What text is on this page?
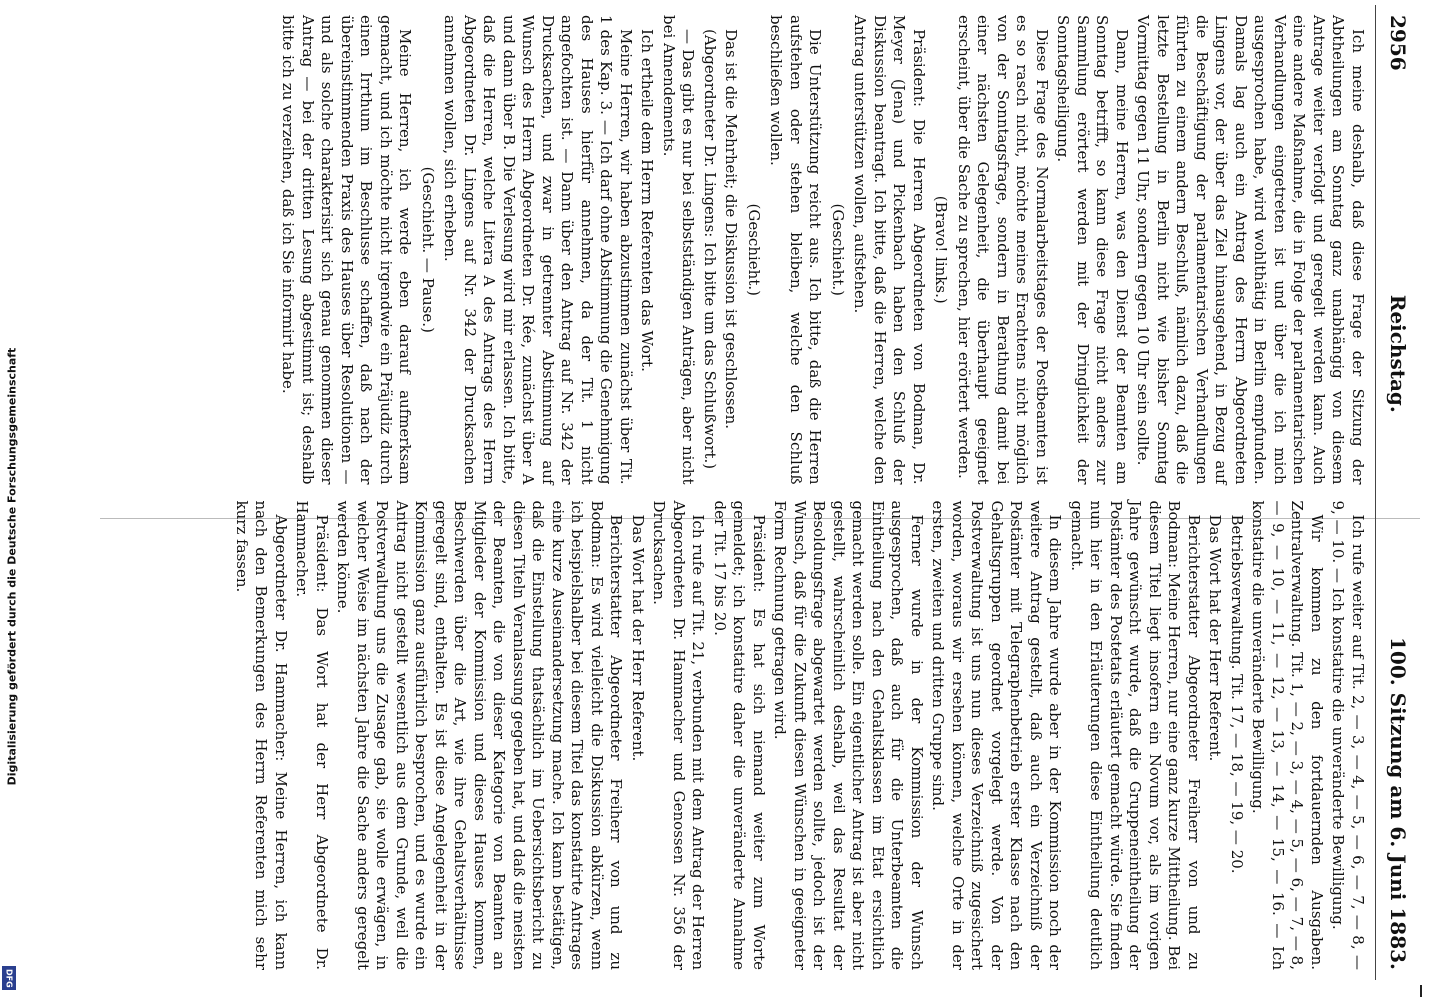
Digitalisierung gefördert durch die Deutsche Forschungsgemeinschaft
DFG
2956
Reichstag.
100. Sitzung am 6. Juni 1883.

Ich meine deshalb, daß diese Frage der Sitzung der Abtheilungen am Sonntag ganz unabhängig von diesem Antrage weiter verfolgt und geregelt werden kann. Auch eine andere Maßnahme, die in Folge der parlamentarischen Verhandlungen eingetreten ist und über die ich mich ausgesprochen habe, wird wohlthätig in Berlin empfunden. Damals lag auch ein Antrag des Herrn Abgeordneten Lingens vor, der über das Ziel hinausgehend, in Bezug auf die Beschäftigung der parlamentarischen Verhandlungen führten zu einem andern Beschluß, nämlich dazu, daß die letzte Bestellung in Berlin nicht wie bisher Sonntag Vormittag gegen 11 Uhr, sondern gegen 10 Uhr sein sollte.

Dann, meine Herren, was den Dienst der Beamten am Sonntag betrifft, so kann diese Frage nicht anders zur Sammlung erörtert werden mit der Dringlichkeit der Sonntagsheiligung.

Diese Frage des Normalarbeitstages der Postbeamten ist es so rasch nicht, möchte meines Erachtens nicht möglich von der Sonntagsfrage, sondern in Berathung damit bei einer nächsten Gelegenheit, die überhaupt geeignet erscheint, über die Sache zu sprechen, hier erörtert werden.

(Bravo! links.)

Präsident: Die Herren Abgeordneten von Bodman, Dr. Meyer (Jena) und Pickenbach haben den Schluß der Diskussion beantragt. Ich bitte, daß die Herren, welche den Antrag unterstützen wollen, aufstehen.

(Geschieht.)

Die Unterstützung reicht aus. Ich bitte, daß die Herren aufstehen oder stehen bleiben, welche den Schluß beschließen wollen.

(Geschieht.)

Das ist die Mehrheit; die Diskussion ist geschlossen.

(Abgeordneter Dr. Lingens: Ich bitte um das Schlußwort.)

— Das gibt es nur bei selbstständigen Anträgen, aber nicht bei Amendements.

Ich ertheile dem Herrn Referenten das Wort.

Meine Herren, wir haben abzustimmen zunächst über Tit. 1 des Kap. 3. — Ich darf ohne Abstimmung die Genehmigung des Hauses hierfür annehmen, da der Tit. 1 nicht angefochten ist. — Dann über den Antrag auf Nr. 342 der Drucksachen, und zwar in getrennter Abstimmung auf Wunsch des Herrn Abgeordneten Dr. Rée, zunächst über A und dann über B. Die Verlesung wird mir erlassen. Ich bitte, daß die Herren, welche Litera A des Antrags des Herrn Abgeordneten Dr. Lingens auf Nr. 342 der Drucksachen annehmen wollen, sich erheben.

(Geschieht. — Pause.)

Meine Herren, ich werde eben darauf aufmerksam gemacht, und ich möchte nicht irgendwie ein Präjudiz durch einen Irrthum im Beschlusse schaffen, daß nach der übereinstimmenden Praxis des Hauses über Resolutionen — und als solche charakterisirt sich genau genommen dieser Antrag — bei der dritten Lesung abgestimmt ist; deshalb bitte ich zu verzeihen, daß ich Sie informirt habe.

Ich rufe weiter auf Tit. 2, — 3, — 4, — 5, — 6, — 7, — 8, — 9, — 10. — Ich konstatire die unveränderte Bewilligung.

Wir kommen zu den fortdauernden Ausgaben. Zentralverwaltung. Tit. 1, — 2, — 3, — 4, — 5, — 6, — 7, — 8, — 9, — 10, — 11, — 12, — 13, — 14, — 15, — 16. — Ich konstatire die unveränderte Bewilligung.

Betriebsverwaltung. Tit. 17, — 18, — 19, — 20.

Das Wort hat der Herr Referent.

Berichterstatter Abgeordneter Freiherr von und zu Bodman: Meine Herren, nur eine ganz kurze Mittheilung. Bei diesem Titel liegt insofern ein Novum vor, als im vorigen Jahre gewünscht wurde, daß die Gruppeneintheilung der Postämter des Postetats erläutert gemacht würde. Sie finden nun hier in den Erläuterungen diese Eintheilung deutlich gemacht.

In diesem Jahre wurde aber in der Kommission noch der weitere Antrag gestellt, daß auch ein Verzeichniß der Postämter mit Telegraphenbetrieb erster Klasse nach den Gehaltsgruppen geordnet vorgelegt werde. Von der Postverwaltung ist uns nun dieses Verzeichniß zugesichert worden, woraus wir ersehen können, welche Orte in der ersten, zweiten und dritten Gruppe sind.

Ferner wurde in der Kommission der Wunsch ausgesprochen, daß auch für die Unterbeamten die Eintheilung nach den Gehaltsklassen im Etat ersichtlich gemacht werden solle. Ein eigentlicher Antrag ist aber nicht gestellt, wahrscheinlich deshalb, weil das Resultat der Besoldungsfrage abgewartet werden sollte, jedoch ist der Wunsch, daß für die Zukunft diesen Wünschen in geeigneter Form Rechnung getragen wird.

Präsident: Es hat sich niemand weiter zum Worte gemeldet; ich konstatire daher die unveränderte Annahme der Tit. 17 bis 20.

Ich rufe auf Tit. 21, verbunden mit dem Antrag der Herren Abgeordneten Dr. Hammacher und Genossen Nr. 356 der Drucksachen.

Das Wort hat der Herr Referent.

Berichterstatter Abgeordneter Freiherr von und zu Bodman: Es wird vielleicht die Diskussion abkürzen, wenn ich beispielshalber bei diesem Titel das konstatirte Antrages eine kurze Auseinandersetzung mache. Ich kann bestätigen, daß die Einstellung thatsächlich im Uebersichtsbericht zu diesen Titeln Veranlassung gegeben hat, und daß die meisten der Beamten, die von dieser Kategorie von Beamten an Mitglieder der Kommission und dieses Hauses kommen, Beschwerden über die Art, wie ihre Gehaltsverhältnisse geregelt sind, enthalten. Es ist diese Angelegenheit in der Kommission ganz ausführlich besprochen, und es wurde ein Antrag nicht gestellt wesentlich aus dem Grunde, weil die Postverwaltung uns die Zusage gab, sie wolle erwägen, in welcher Weise im nächsten Jahre die Sache anders geregelt werden könne.

Präsident: Das Wort hat der Herr Abgeordnete Dr. Hammacher.

Abgeordneter Dr. Hammacher: Meine Herren, ich kann nach den Bemerkungen des Herrn Referenten mich sehr kurz fassen.
